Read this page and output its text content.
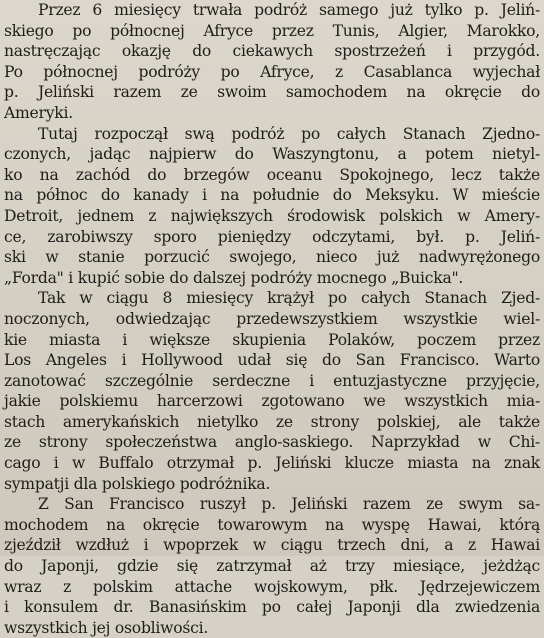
Przez 6 miesięcy trwała podróż samego już tylko p. Jeliń-
skiego po północnej Afryce przez Tunis, Algier, Marokko,
nastręczając okazję do ciekawych spostrzeżeń i przygód.
Po północnej podróży po Afryce, z Casablanca wyjechał
p. Jeliński razem ze swoim samochodem na okręcie do
Ameryki.
Tutaj rozpoczął swą podróż po całych Stanach Zjedno-
czonych, jadąc najpierw do Waszyngtonu, a potem nietyl-
ko na zachód do brzegów oceanu Spokojnego, lecz także
na północ do kanady i na południe do Meksyku. W mieście
Detroit, jednem z największych środowisk polskich w Amery-
ce, zarobiwszy sporo pieniędzy odczytami, był. p. Jeliń-
ski w stanie porzucić swojego, nieco już nadwyrężonego
„Forda" i kupić sobie do dalszej podróży mocnego „Buicka".
Tak w ciągu 8 miesięcy krążył po całych Stanach Zjed-
noczonych, odwiedzając przedewszystkiem wszystkie wiel-
kie miasta i większe skupienia Polaków, poczem przez
Los Angeles i Hollywood udał się do San Francisco. Warto
zanotować szczególnie serdeczne i entuzjastyczne przyjęcie,
jakie polskiemu harcerzowi zgotowano we wszystkich mia-
stach amerykańskich nietylko ze strony polskiej, ale także
ze strony społeczeństwa anglo-saskiego. Naprzykład w Chi-
cago i w Buffalo otrzymał p. Jeliński klucze miasta na znak
sympatji dla polskiego podróżnika.
Z San Francisco ruszył p. Jeliński razem ze swym sa-
mochodem na okręcie towarowym na wyspę Hawai, którą
zjeździł wzdłuż i wpoprzek w ciągu trzech dni, a z Hawai
do Japonji, gdzie się zatrzymał aż trzy miesiące, jeżdżąc
wraz z polskim attache wojskowym, płk. Jędrzejewiczem
i konsulem dr. Banasińskim po całej Japonji dla zwiedzenia
wszystkich jej osobliwości.
